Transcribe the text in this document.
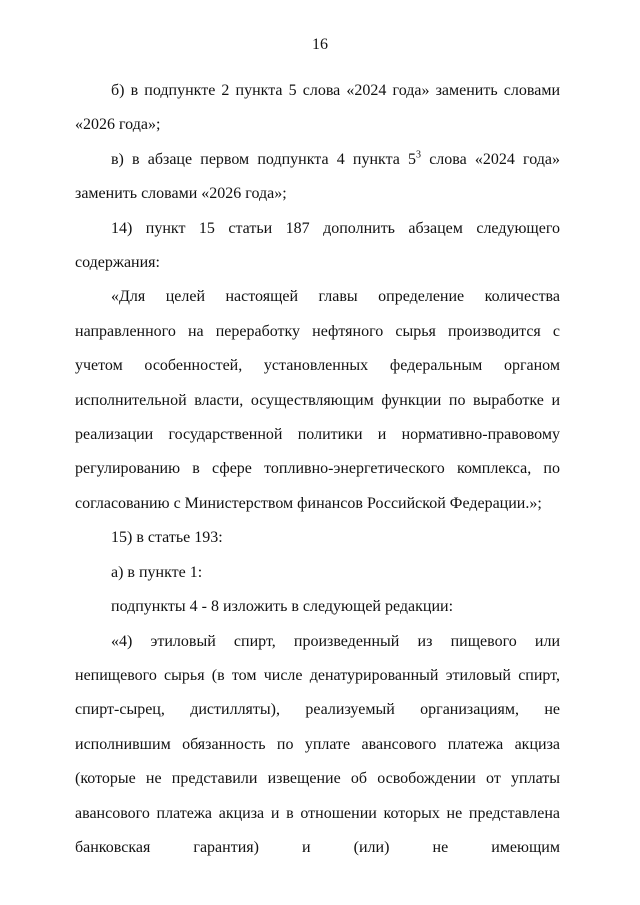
16

б) в подпункте 2 пункта 5 слова «2024 года» заменить словами «2026 года»;

в) в абзаце первом подпункта 4 пункта $5^3$ слова «2024 года» заменить словами «2026 года»;

14) пункт 15 статьи 187 дополнить абзацем следующего содержания:

«Для целей настоящей главы определение количества направленного на переработку нефтяного сырья производится с учетом особенностей, установленных федеральным органом исполнительной власти, осуществляющим функции по выработке и реализации государственной политики и нормативно-правовому регулированию в сфере топливно-энергетического комплекса, по согласованию с Министерством финансов Российской Федерации.»;

15) в статье 193:

а) в пункте 1:

подпункты 4 - 8 изложить в следующей редакции:

«4) этиловый спирт, произведенный из пищевого или непищевого сырья (в том числе денатурированный этиловый спирт, спирт-сырец, дистилляты), реализуемый организациям, не исполнившим обязанность по уплате авансового платежа акциза (которые не представили извещение об освобождении от уплаты авансового платежа акциза и в отношении которых не представлена банковская гарантия) и (или) не имеющим
